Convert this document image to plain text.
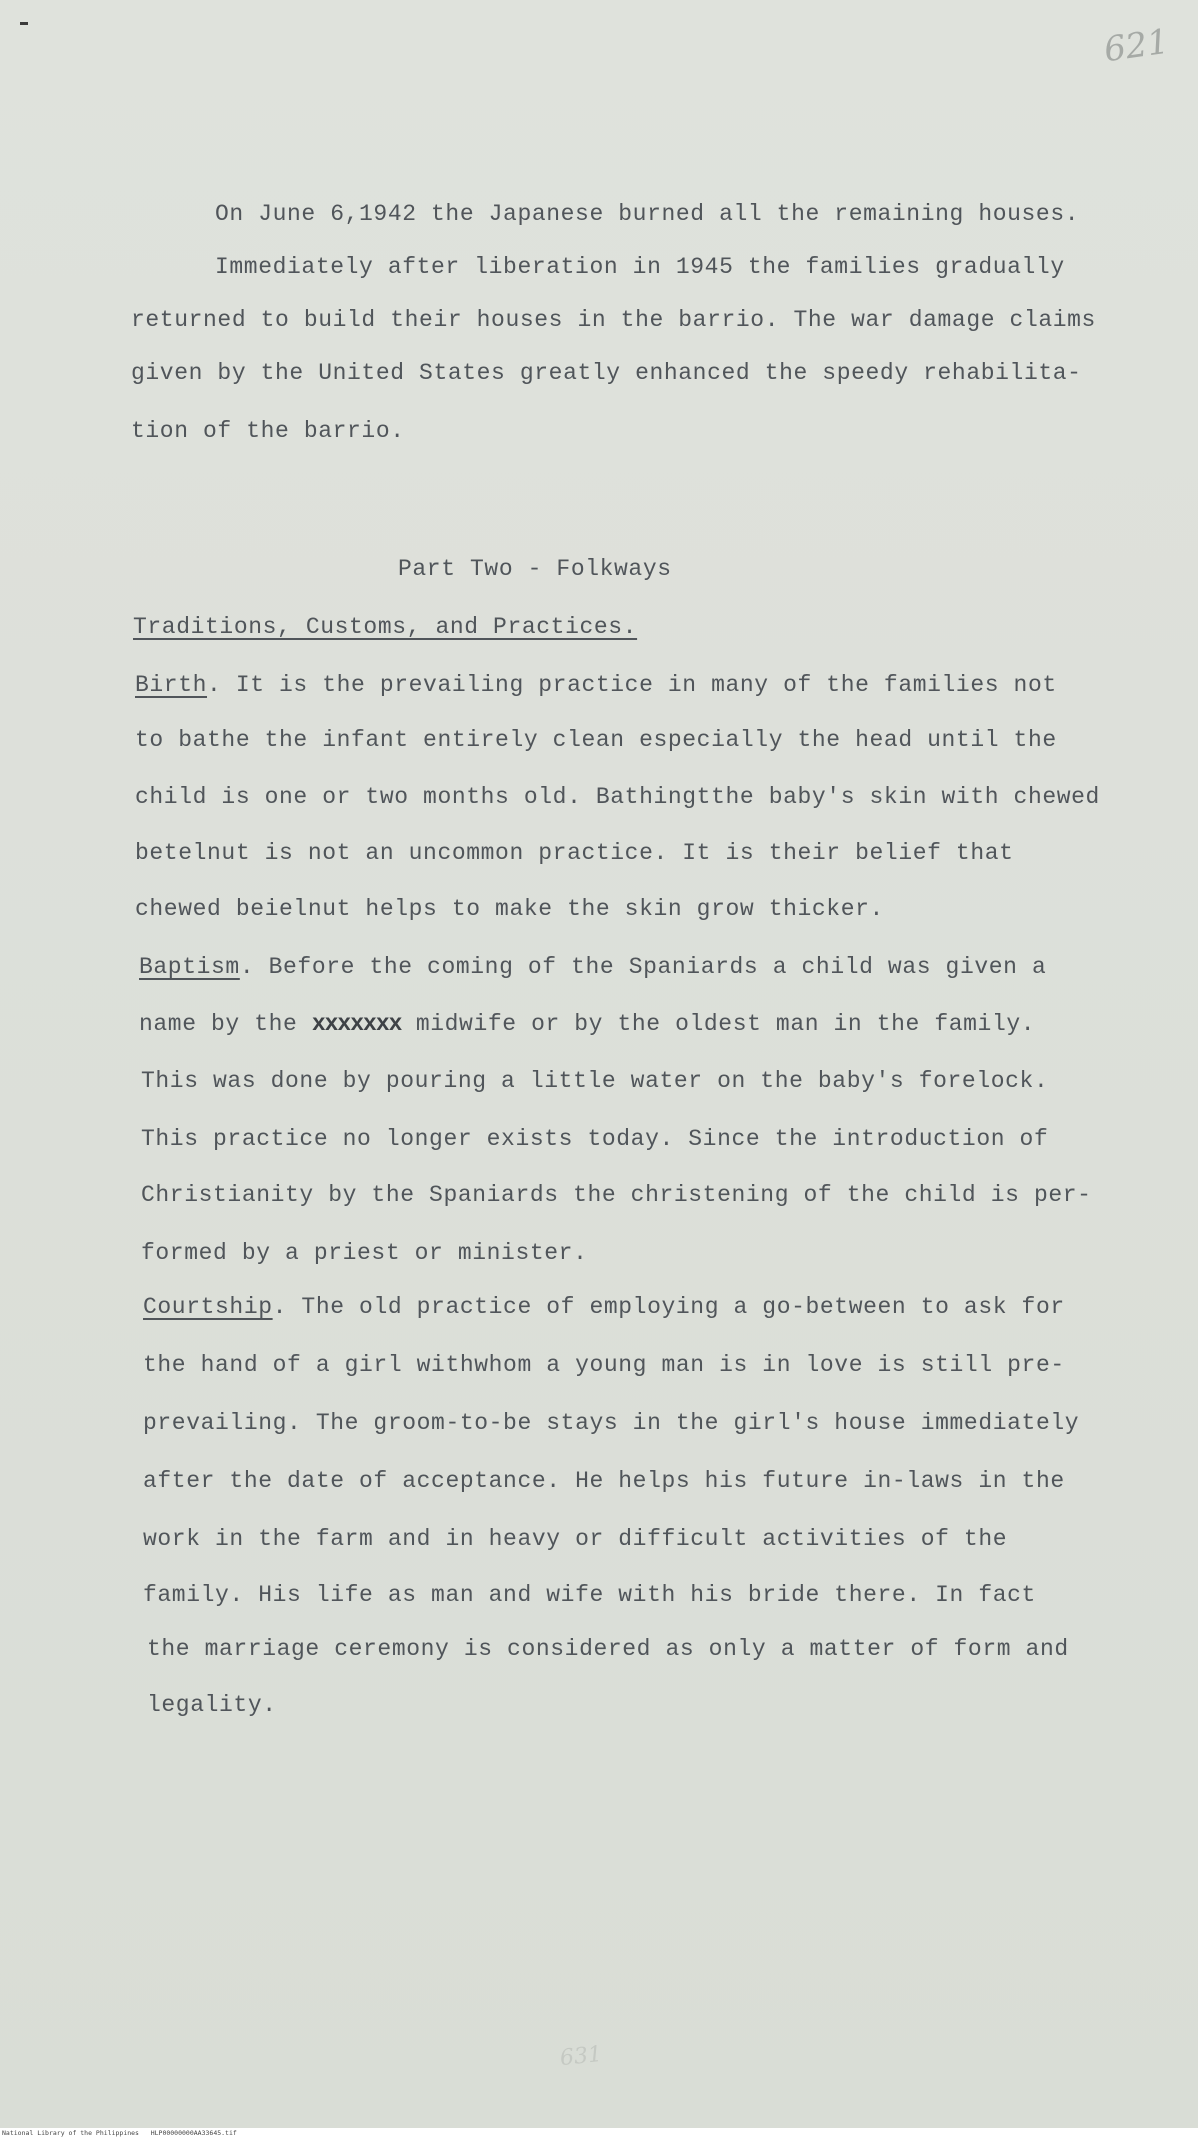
621
On June 6,1942 the Japanese burned all the remaining houses.
Immediately after liberation in 1945 the families gradually
returned to build their houses in the barrio. The war damage claims
given by the United States greatly enhanced the speedy rehabilita-
tion of the barrio.
Part Two - Folkways
Traditions, Customs, and Practices.
Birth. It is the prevailing practice in many of the families not
to bathe the infant entirely clean especially the head until the
child is one or two months old. Bathingtthe baby's skin with chewed
betelnut is not an uncommon practice. It is their belief that
chewed beielnut helps to make the skin grow thicker.
Baptism. Before the coming of the Spaniards a child was given a
name by the xxxxxxx midwife or by the oldest man in the family.
This was done by pouring a little water on the baby's forelock.
This practice no longer exists today. Since the introduction of
Christianity by the Spaniards the christening of the child is per-
formed by a priest or minister.
Courtship. The old practice of employing a go-between to ask for
the hand of a girl withwhom a young man is in love is still pre-
prevailing. The groom-to-be stays in the girl's house immediately
after the date of acceptance. He helps his future in-laws in the
work in the farm and in heavy or difficult activities of the
family. His life as man and wife with his bride there. In fact
the marriage ceremony is considered as only a matter of form and
legality.
631
National Library of the Philippines   HLP00000000AA33645.tif
